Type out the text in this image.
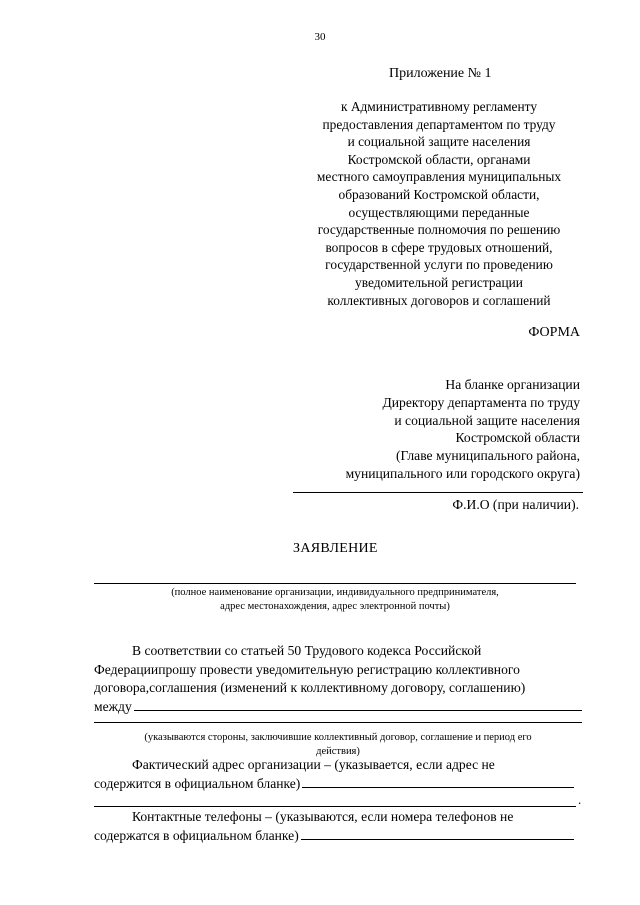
30
Приложение № 1
к Административному регламенту
предоставления департаментом по труду
и социальной защите населения
Костромской области, органами
местного самоуправления муниципальных
образований Костромской области,
осуществляющими переданные
государственные полномочия по решению
вопросов в сфере трудовых отношений,
государственной услуги по проведению
уведомительной регистрации
коллективных договоров и соглашений
ФОРМА
На бланке организации
Директору департамента по труду
и социальной защите населения
Костромской области
(Главе муниципального района,
муниципального или городского округа)
Ф.И.О (при наличии).
ЗАЯВЛЕНИЕ
(полное наименование организации, индивидуального предпринимателя,
адрес местонахождения, адрес электронной почты)
В соответствии со статьей 50 Трудового кодекса Российской
Федерациипрошу провести уведомительную регистрацию коллективного
договора,соглашения (изменений к коллективному договору, соглашению)
между
(указываются стороны, заключившие коллективный договор, соглашение и период его
действия)
Фактический адрес организации – (указывается, если адрес не
содержится в официальном бланке)
.
Контактные телефоны – (указываются, если номера телефонов не
содержатся в официальном бланке)
